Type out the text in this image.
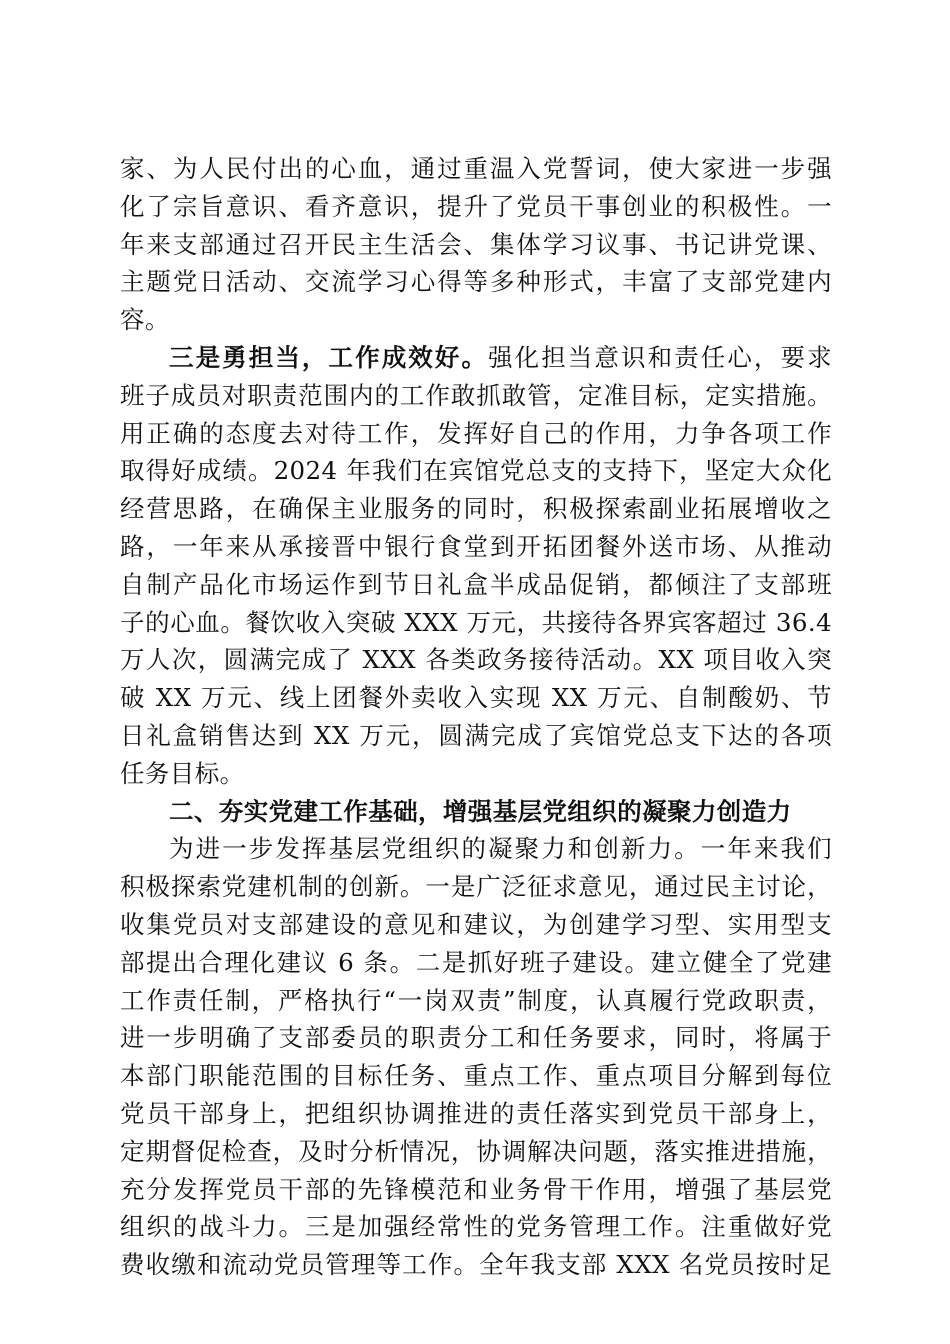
家、为人民付出的心血，通过重温入党誓词，使大家进一步强
化了宗旨意识、看齐意识，提升了党员干事创业的积极性。一
年来支部通过召开民主生活会、集体学习议事、书记讲党课、
主题党日活动、交流学习心得等多种形式，丰富了支部党建内
容。
三是勇担当，工作成效好。强化担当意识和责任心，要求
班子成员对职责范围内的工作敢抓敢管，定准目标，定实措施。
用正确的态度去对待工作，发挥好自己的作用，力争各项工作
取得好成绩。2024 年我们在宾馆党总支的支持下，坚定大众化
经营思路，在确保主业服务的同时，积极探索副业拓展增收之
路，一年来从承接晋中银行食堂到开拓团餐外送市场、从推动
自制产品化市场运作到节日礼盒半成品促销，都倾注了支部班
子的心血。餐饮收入突破 XXX 万元，共接待各界宾客超过 36.4
万人次，圆满完成了 XXX 各类政务接待活动。XX 项目收入突
破 XX 万元、线上团餐外卖收入实现 XX 万元、自制酸奶、节
日礼盒销售达到 XX 万元，圆满完成了宾馆党总支下达的各项
任务目标。
二、夯实党建工作基础，增强基层党组织的凝聚力创造力
为进一步发挥基层党组织的凝聚力和创新力。一年来我们
积极探索党建机制的创新。一是广泛征求意见，通过民主讨论，
收集党员对支部建设的意见和建议，为创建学习型、实用型支
部提出合理化建议 6 条。二是抓好班子建设。建立健全了党建
工作责任制，严格执行“一岗双责”制度，认真履行党政职责，
进一步明确了支部委员的职责分工和任务要求，同时，将属于
本部门职能范围的目标任务、重点工作、重点项目分解到每位
党员干部身上，把组织协调推进的责任落实到党员干部身上，
定期督促检查，及时分析情况，协调解决问题，落实推进措施，
充分发挥党员干部的先锋模范和业务骨干作用，增强了基层党
组织的战斗力。三是加强经常性的党务管理工作。注重做好党
费收缴和流动党员管理等工作。全年我支部 XXX 名党员按时足
